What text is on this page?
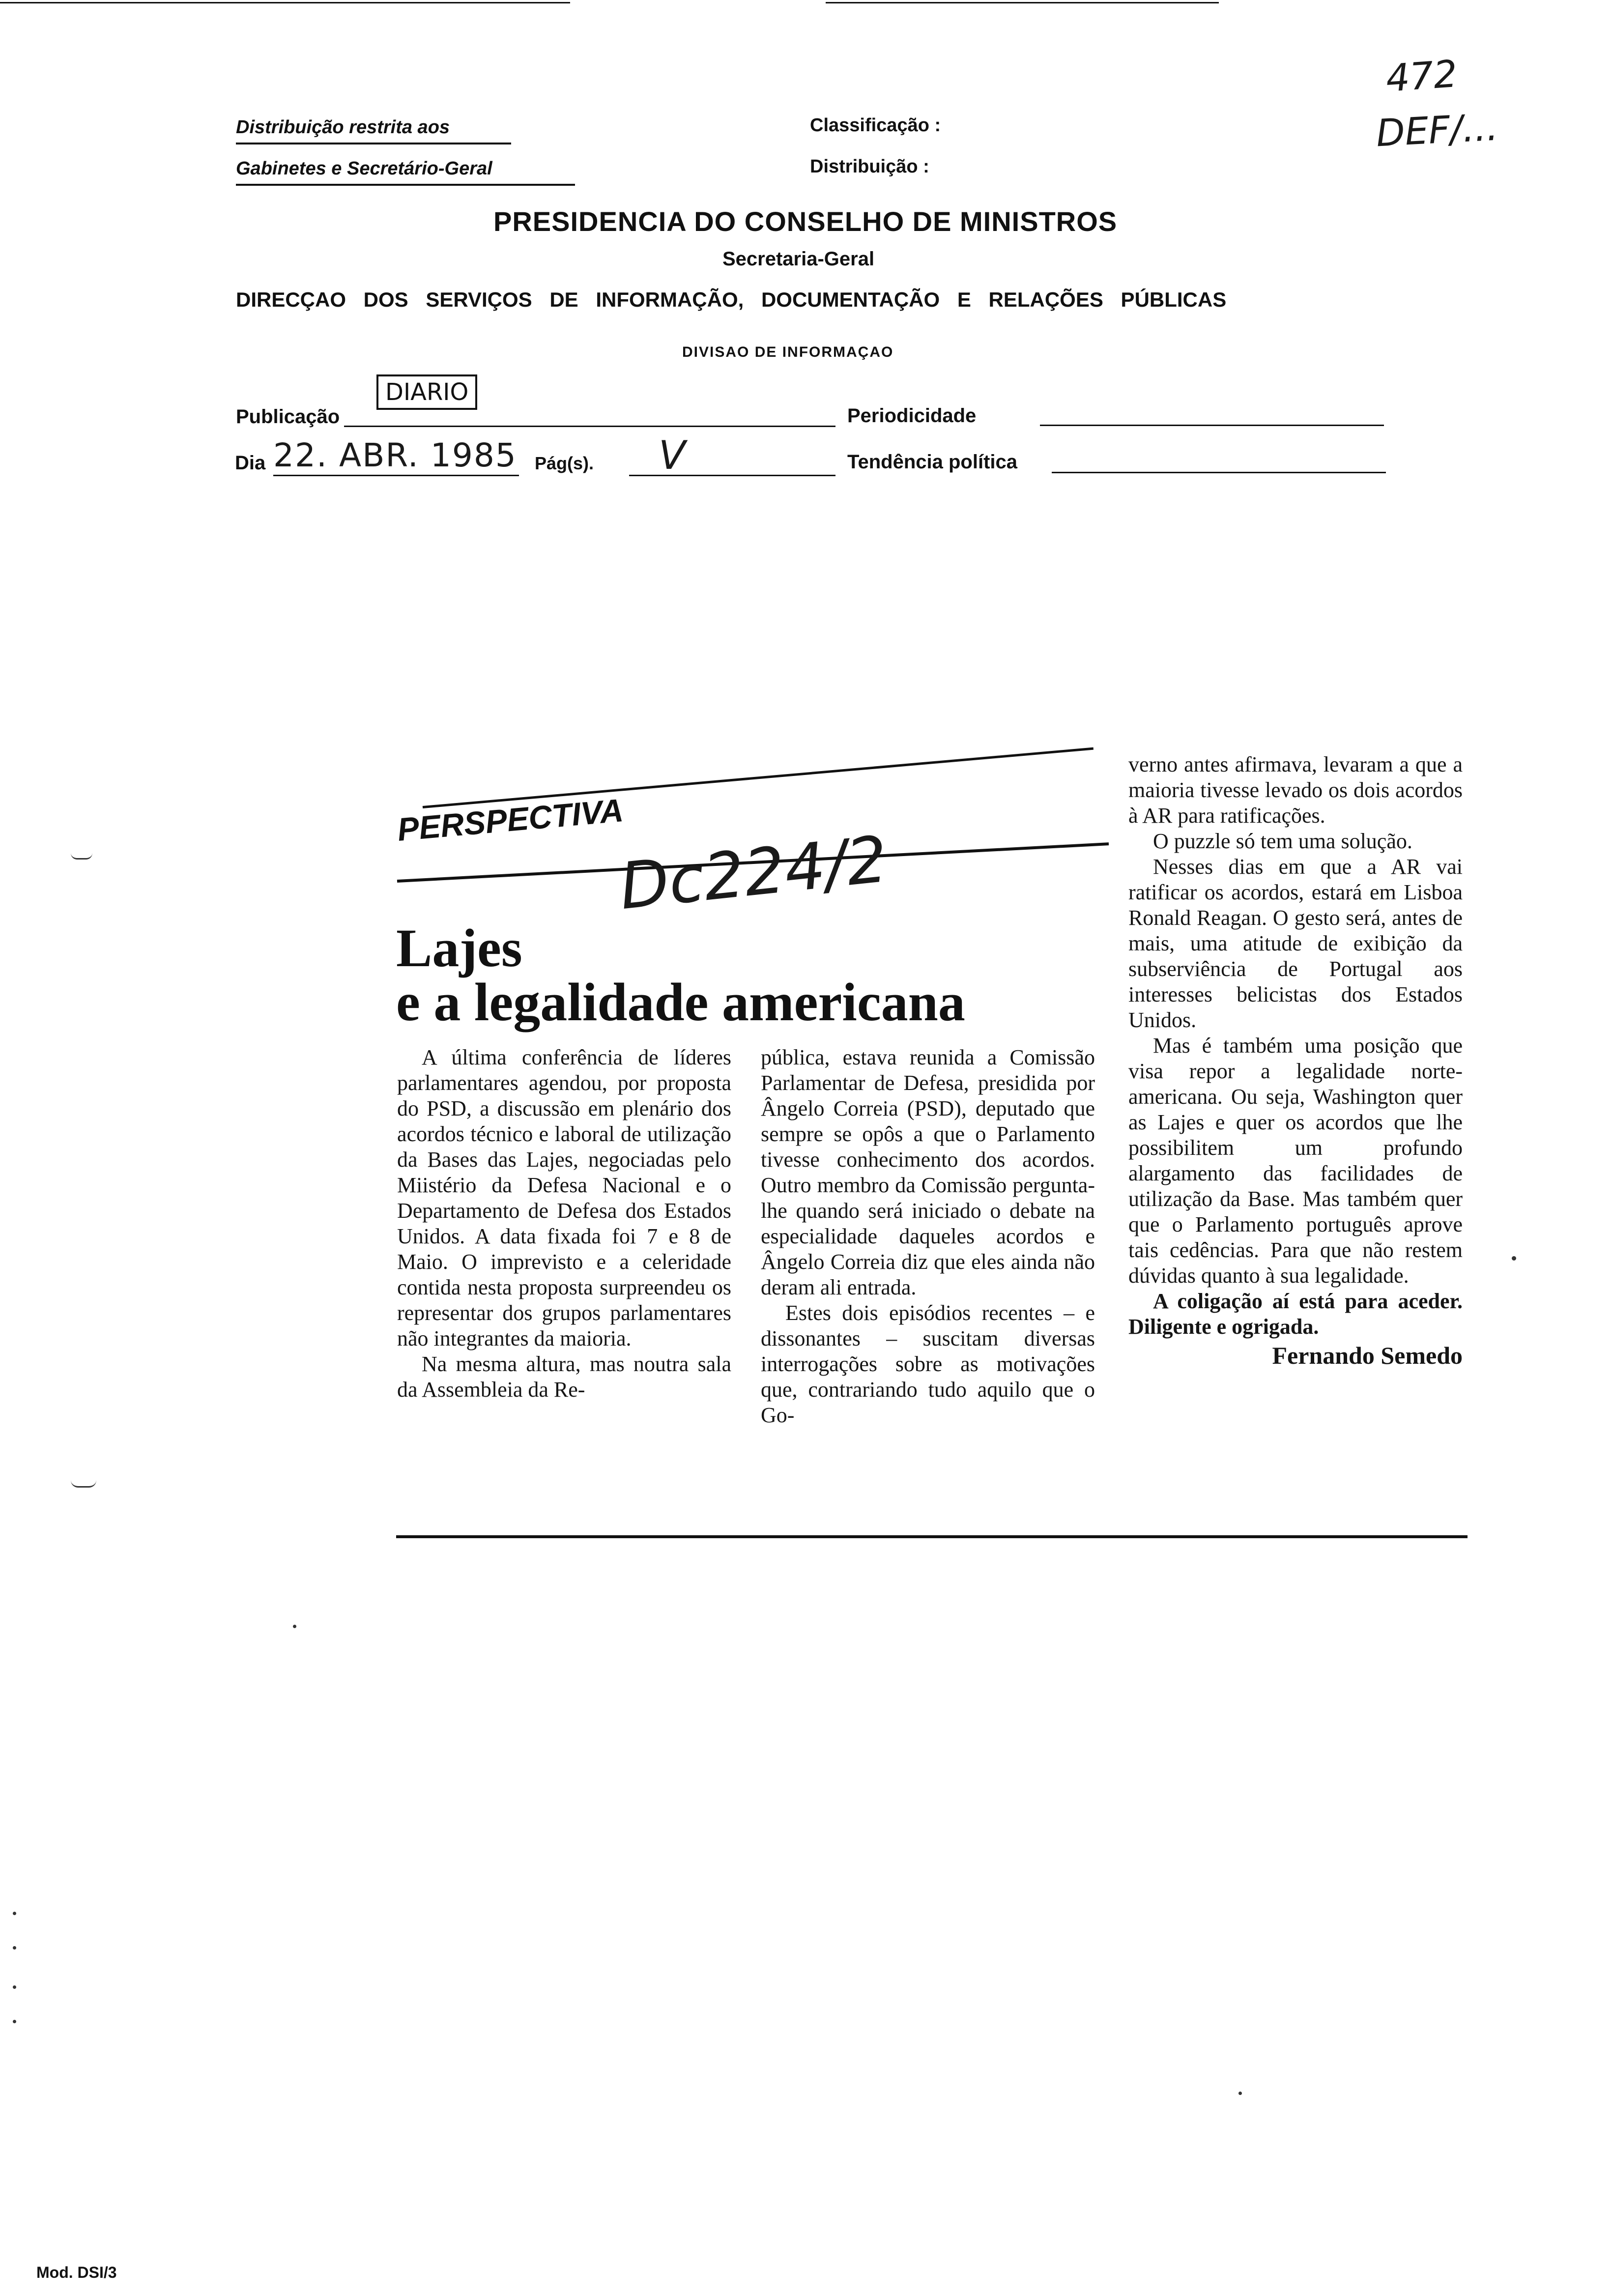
Distribuição restrita aos
Gabinetes e Secretário-Geral
Classificação :
Distribuição :
472
DEF/...
PRESIDENCIA DO CONSELHO DE MINISTROS
Secretaria-Geral
DIRECÇAO DOS SERVIÇOS DE INFORMAÇÃO, DOCUMENTAÇÃO E RELAÇÕES PÚBLICAS
DIVISAO DE INFORMAÇAO
Publicação
DIARIO
Periodicidade
Dia 22. ABR. 1985 Pág(s). V	Tendência política
PERSPECTIVA
Dc224/2
Lajes
e a legalidade americana

A última conferência de líderes parlamentares agendou, por proposta do PSD, a discussão em plenário dos acordos técnico e laboral de utilização da Bases das Lajes, negociadas pelo Miistério da Defesa Nacional e o Departamento de Defesa dos Estados Unidos. A data fixada foi 7 e 8 de Maio. O imprevisto e a celeridade contida nesta proposta surpreendeu os representar dos grupos parlamentares não integrantes da maioria.

Na mesma altura, mas noutra sala da Assembleia da Re-

pública, estava reunida a Comissão Parlamentar de Defesa, presidida por Ângelo Correia (PSD), deputado que sempre se opôs a que o Parlamento tivesse conhecimento dos acordos. Outro membro da Comissão pergunta-lhe quando será iniciado o debate na especialidade daqueles acordos e Ângelo Correia diz que eles ainda não deram ali entrada.

Estes dois episódios recentes – e dissonantes – suscitam diversas interrogações sobre as motivações que, contrariando tudo aquilo que o Go-

verno antes afirmava, levaram a que a maioria tivesse levado os dois acordos à AR para ratificações.

O puzzle só tem uma solução.

Nesses dias em que a AR vai ratificar os acordos, estará em Lisboa Ronald Reagan. O gesto será, antes de mais, uma atitude de exibição da subserviência de Portugal aos interesses belicistas dos Estados Unidos.

Mas é também uma posição que visa repor a legalidade norte-americana. Ou seja, Washington quer as Lajes e quer os acordos que lhe possibilitem um profundo alargamento das facilidades de utilização da Base. Mas também quer que o Parlamento português aprove tais cedências. Para que não restem dúvidas quanto à sua legalidade.

A coligação aí está para aceder. Diligente e ogrigada.

Fernando Semedo

Mod. DSI/3
